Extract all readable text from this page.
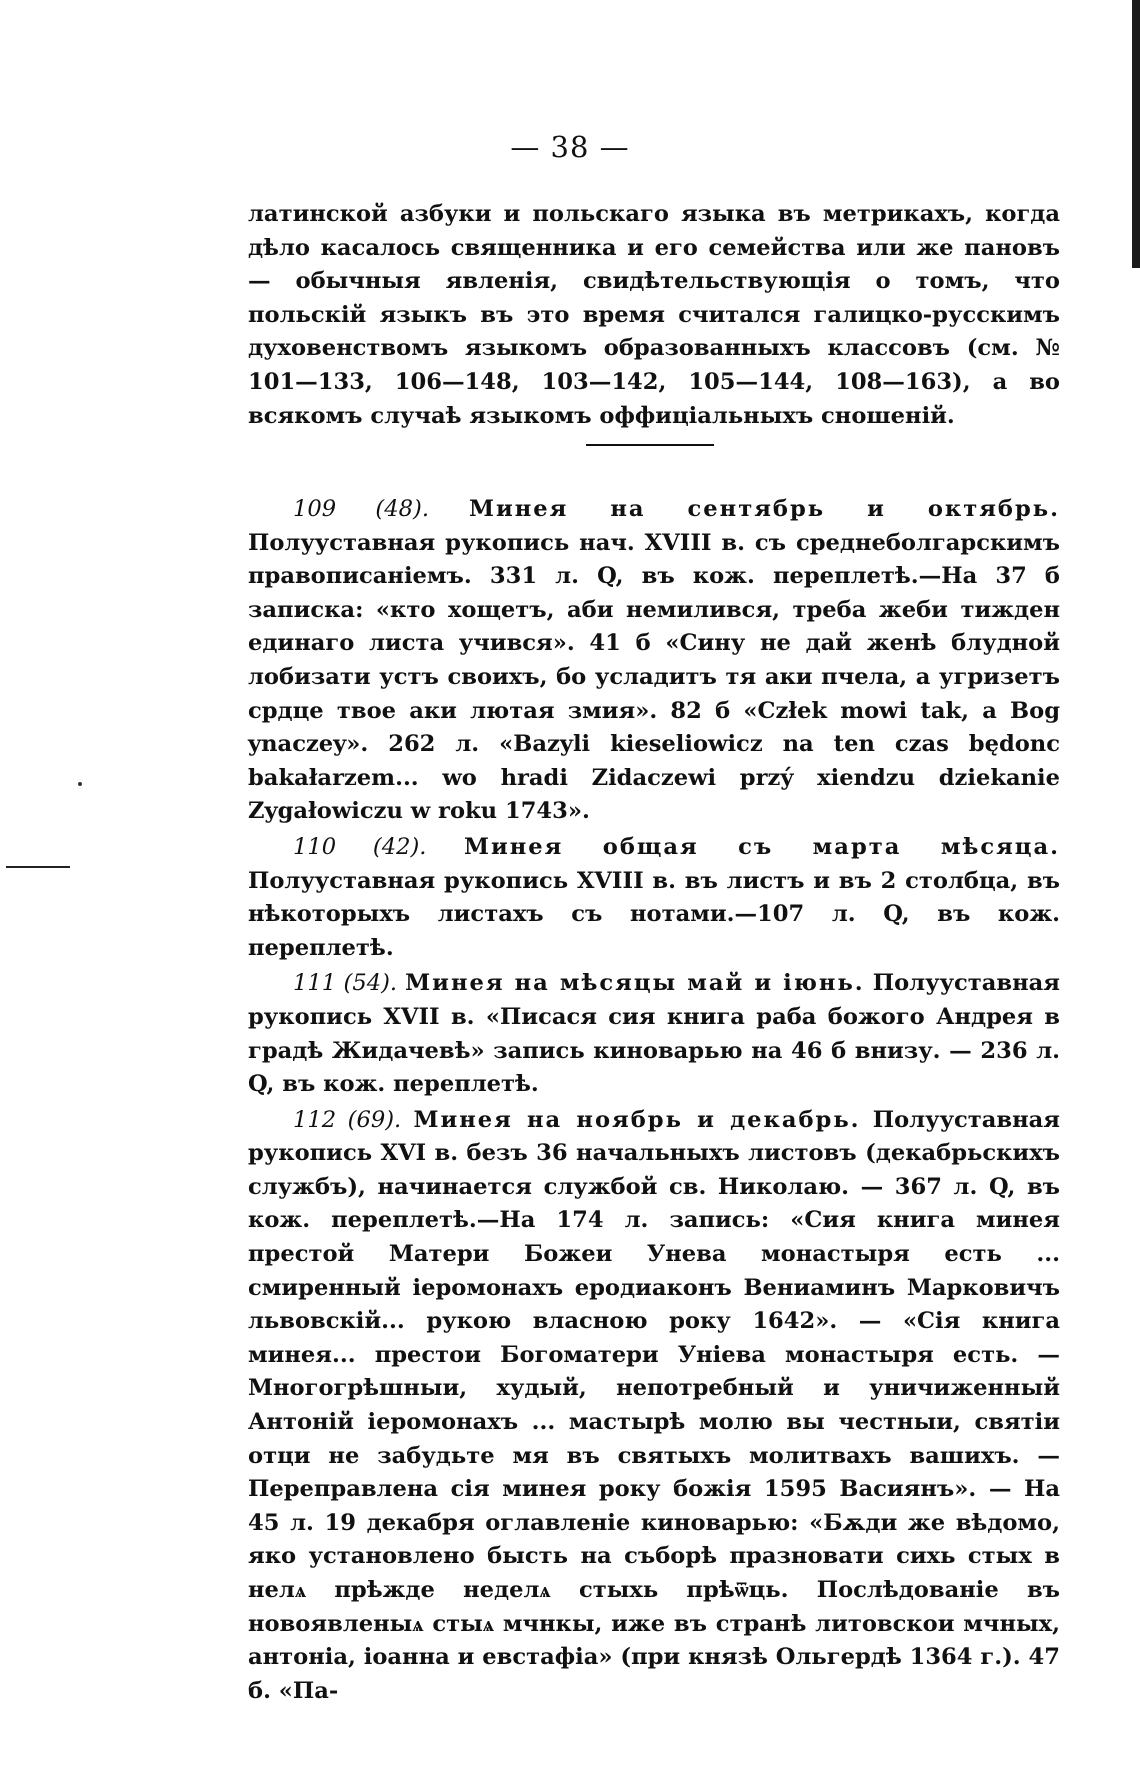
— 38 —
латинской азбуки и польскаго языка въ метрикахъ, когда дѣло касалось священника и его семейства или же пановъ — обычныя явленія, свидѣтельствующія о томъ, что польскій языкъ въ это время считался галицко-русскимъ духовенствомъ языкомъ образованныхъ классовъ (см. № 101—133, 106—148, 103—142, 105—144, 108—163), а во всякомъ случаѣ языкомъ оффиціальныхъ сношеній.

109 (48). Минея на сентябрь и октябрь. Полууставная рукопись нач. XVIII в. съ среднеболгарскимъ правописаніемъ. 331 л. Q, въ кож. переплетѣ.—На 37 б записка: «кто хощетъ, аби немилився, треба жеби тижден единаго листа учився». 41 б «Сину не дай женѣ блудной лобизати устъ своихъ, бо усладитъ тя аки пчела, а угризетъ срдце твое аки лютая змия». 82 б «Człek mowi tak, a Bog ynaczey». 262 л. «Bazyli kieseliowicz na ten czas będonc bakałarzem... wo hradi Zidaczewi przý xiendzu dziekanie Zygałowiczu w roku 1743».

110 (42). Минея общая съ марта мѣсяца. Полууставная рукопись XVIII в. въ листъ и въ 2 столбца, въ нѣкоторыхъ листахъ съ нотами.—107 л. Q, въ кож. переплетѣ.

111 (54). Минея на мѣсяцы май и іюнь. Полууставная рукопись XVII в. «Писася сия книга раба божого Андрея в градѣ Жидачевѣ» запись киноварью на 46 б внизу. — 236 л. Q, въ кож. переплетѣ.

112 (69). Минея на ноябрь и декабрь. Полууставная рукопись XVI в. безъ 36 начальныхъ листовъ (декабрьскихъ службъ), начинается службой св. Николаю. — 367 л. Q, въ кож. переплетѣ.—На 174 л. запись: «Сия книга минея престой Матери Божеи Унева монастыря есть ... смиренный іеромонахъ еродиаконъ Вениаминъ Марковичъ львовскій... рукою власною року 1642». — «Сія книга минея... престои Богоматери Уніева монастыря есть. — Многогрѣшныи, худый, непотребный и уничиженный Антоній іеромонахъ ... мастырѣ молю вы честныи, святіи отци не забудьте мя въ святыхъ молитвахъ вашихъ. — Переправлена сія минея року божія 1595 Васиянъ». — На 45 л. 19 декабря оглавленіе киноварью: «Бѫди же вѣдомо, яко установлено бысть на съборѣ празновати сихь стых в нелѧ прѣжде неделѧ стыхь прѣѿць. Послѣдованіе въ новоявленыѧ стыѧ мчнкы, иже въ странѣ литовскои мчных, антоніа, іоанна и евстафіа» (при князѣ Ольгердѣ 1364 г.). 47 б. «Па-
